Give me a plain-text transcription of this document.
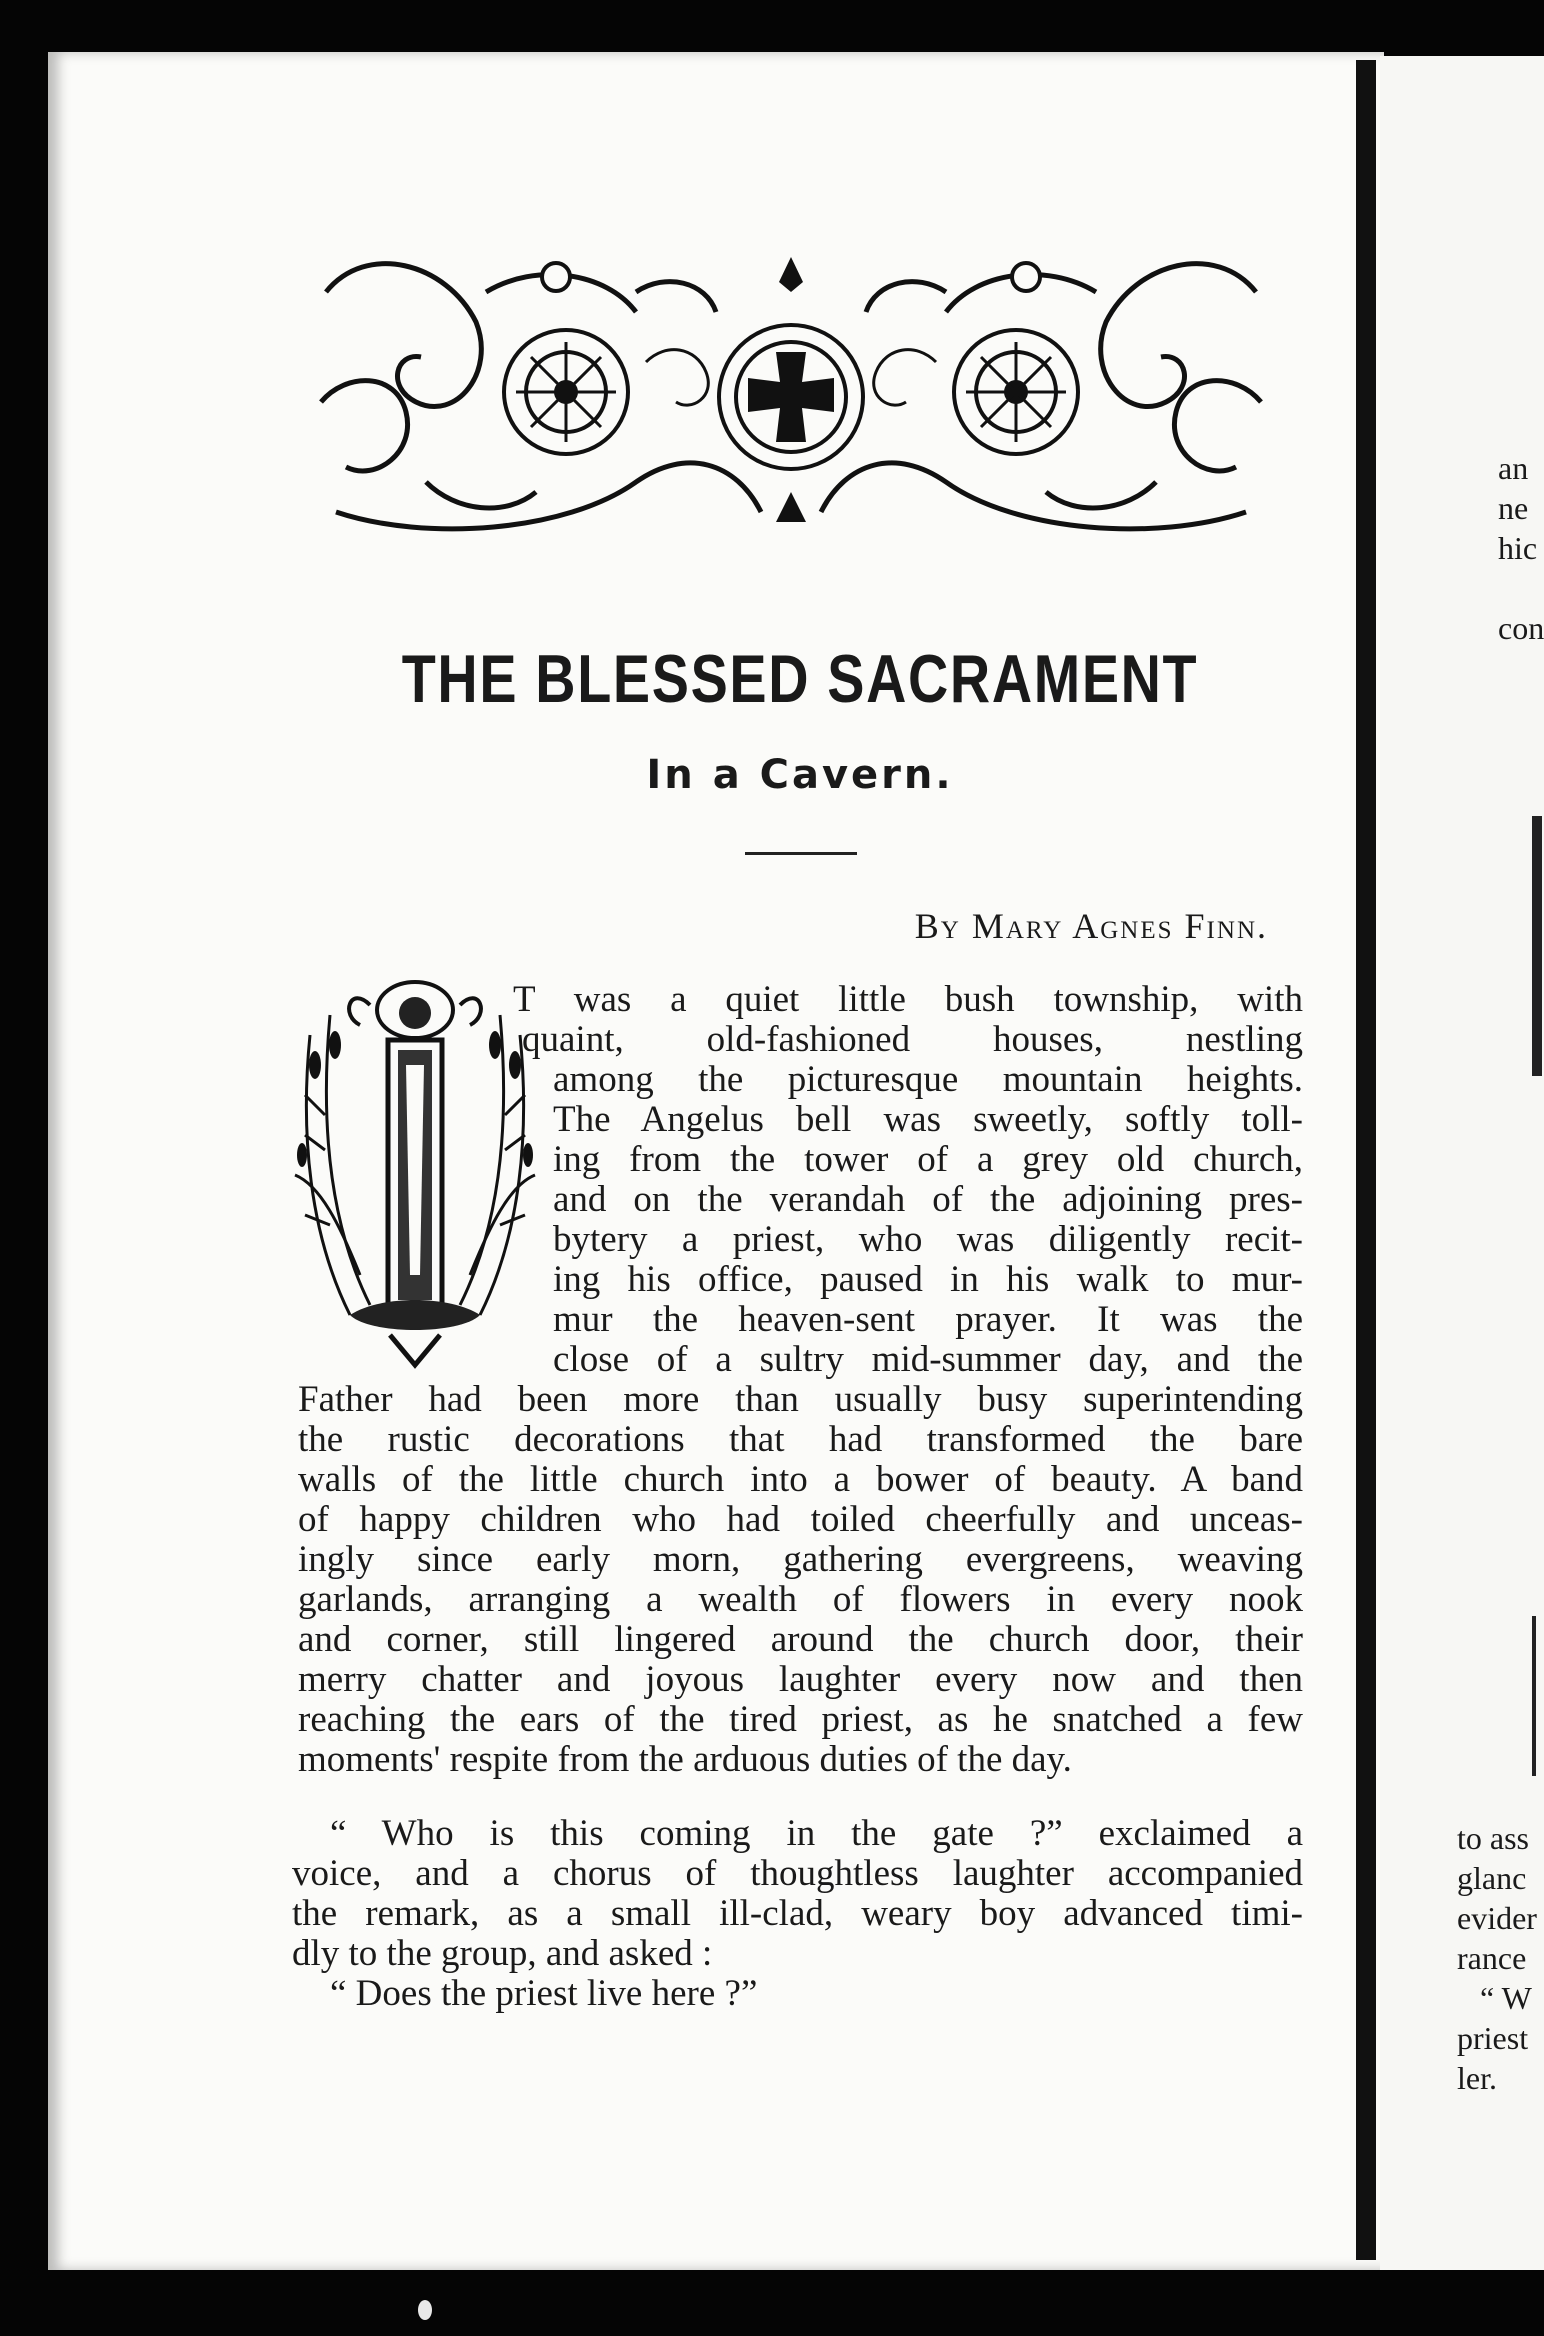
THE BLESSED SACRAMENT
In a Cavern.
By Mary Agnes Finn.
T was a quiet little bush township, with
quaint, old-fashioned houses, nestling
among the picturesque mountain heights.
The Angelus bell was sweetly, softly toll-
ing from the tower of a grey old church,
and on the verandah of the adjoining pres-
bytery a priest, who was diligently recit-
ing his office, paused in his walk to mur-
mur the heaven-sent prayer. It was the
close of a sultry mid-summer day, and the
Father had been more than usually busy superintending
the rustic decorations that had transformed the bare
walls of the little church into a bower of beauty. A band
of happy children who had toiled cheerfully and unceas-
ingly since early morn, gathering evergreens, weaving
garlands, arranging a wealth of flowers in every nook
and corner, still lingered around the church door, their
merry chatter and joyous laughter every now and then
reaching the ears of the tired priest, as he snatched a few
moments' respite from the arduous duties of the day.
“ Who is this coming in the gate ?” exclaimed a
voice, and a chorus of thoughtless laughter accompanied
the remark, as a small ill-clad, weary boy advanced timi-
dly to the group, and asked :
“ Does the priest live here ?”
an
ne
hic
con
to ass
glanc
evider
rance
“ W
priest
ler.
